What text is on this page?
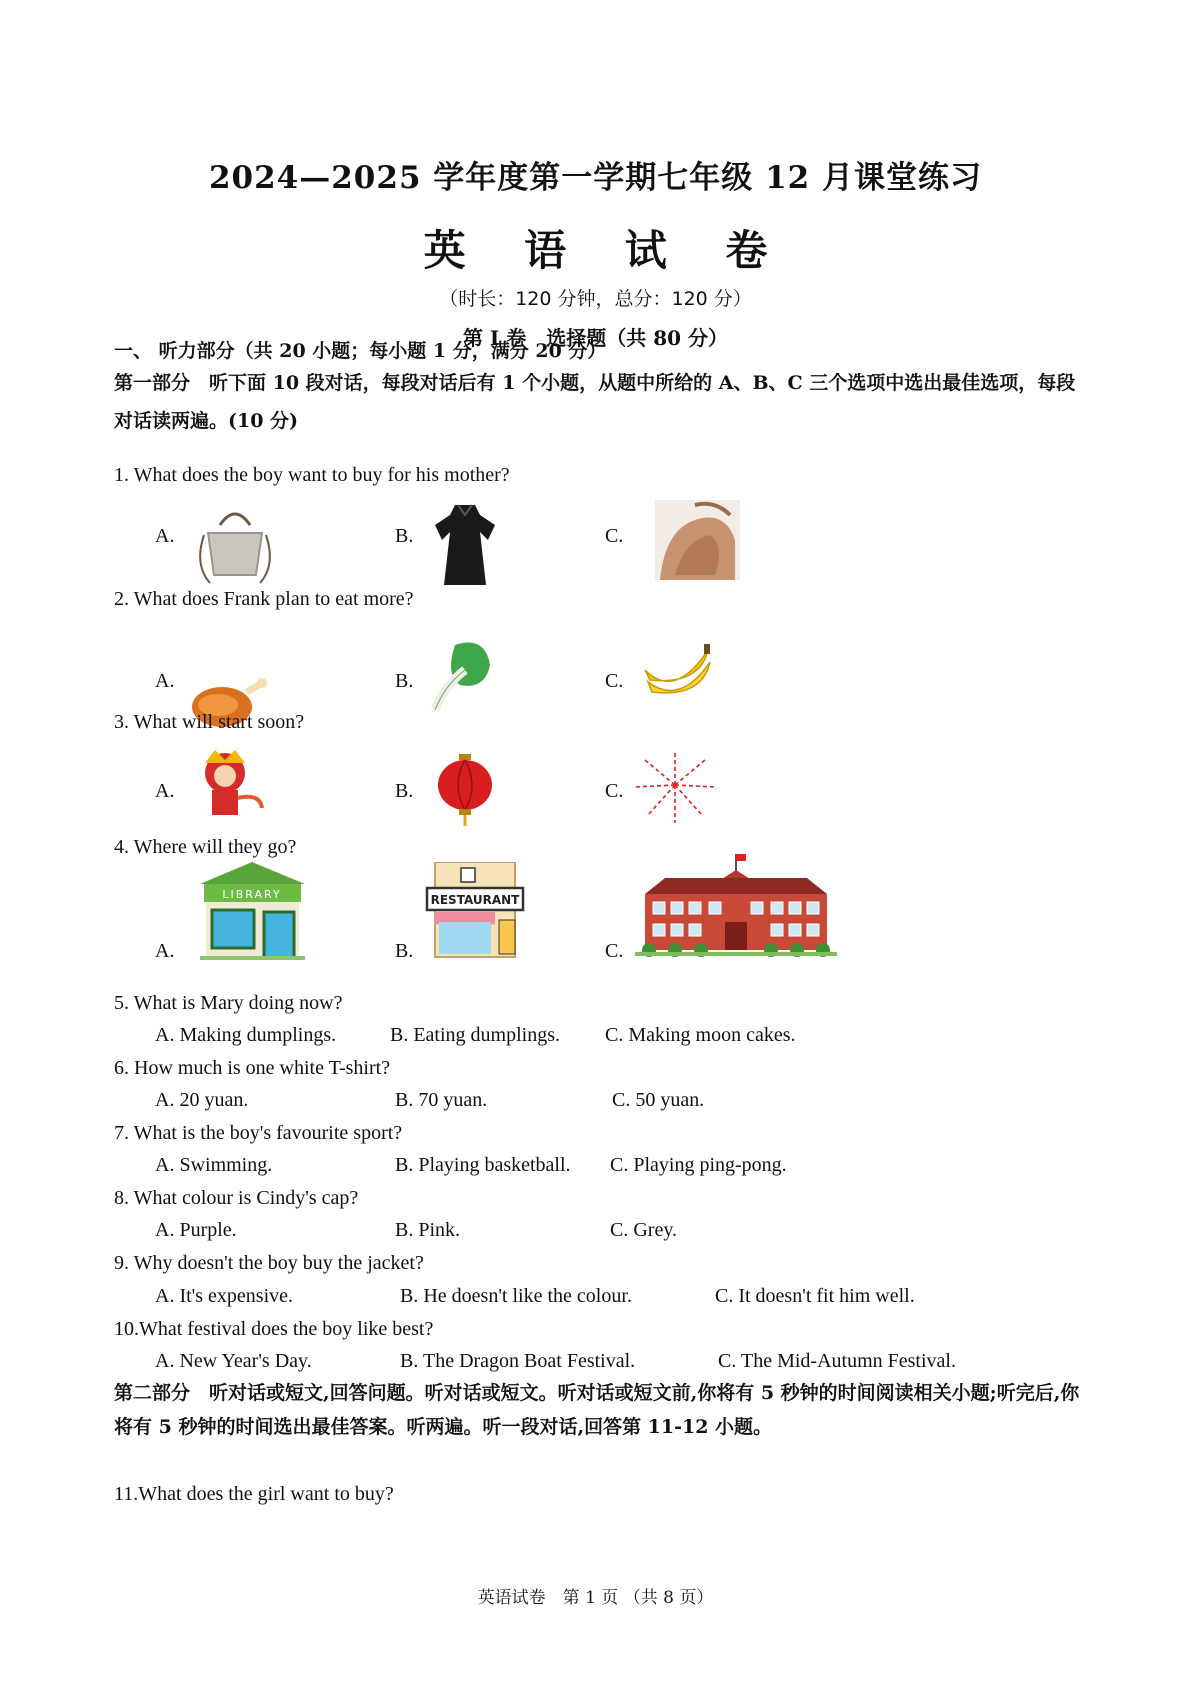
2024—2025 学年度第一学期七年级 12 月课堂练习
英 语 试 卷
（时长：120 分钟，总分：120 分）
第 I 卷　选择题（共 80 分）
一、 听力部分（共 20 小题；每小题 1 分，满分 20 分）
第一部分　听下面 10 段对话，每段对话后有 1 个小题，从题中所给的 A、B、C 三个选项中选出最佳选项，每段对话读两遍。(10 分)
1. What does the boy want to buy for his mother?
A.	B.	C.
2. What does Frank plan to eat more?
A.	B.	C.
3. What will start soon?
A.	B.	C.
4. Where will they go?
A.
LIBRARY
B.
RESTAURANT
C.
5. What is Mary doing now?
A. Making dumplings.	B. Eating dumplings. C. Making moon cakes.
6. How much is one white T-shirt?
A. 20 yuan.	B. 70 yuan.	C. 50 yuan.
7. What is the boy's favourite sport?
A. Swimming.	B. Playing basketball. C. Playing ping-pong.
8. What colour is Cindy's cap?
A. Purple.	B. Pink.	C. Grey.
9. Why doesn't the boy buy the jacket?
A. It's expensive.	B. He doesn't like the colour.	C. It doesn't fit him well.
10.What festival does the boy like best?
A. New Year's Day.	B. The Dragon Boat Festival.	C. The Mid-Autumn Festival.
第二部分　听对话或短文,回答问题。听对话或短文。听对话或短文前,你将有 5 秒钟的时间阅读相关小题;听完后,你将有 5 秒钟的时间选出最佳答案。听两遍。听一段对话,回答第 11-12 小题。
11.What does the girl want to buy?
英语试卷　第 1 页 （共 8 页）
